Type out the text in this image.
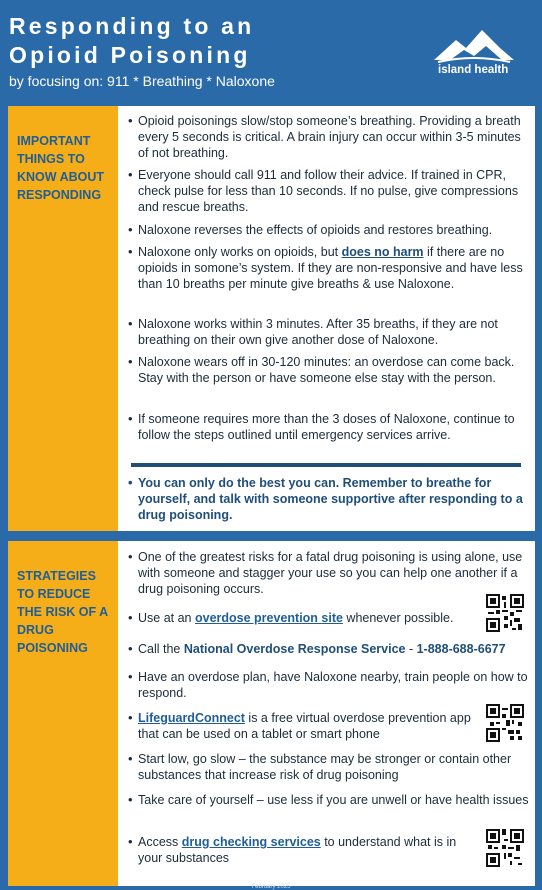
Responding to an
Opioid Poisoning
by focusing on: 911 * Breathing * Naloxone
island health
IMPORTANT THINGS TO KNOW ABOUT RESPONDING
• Opioid poisonings slow/stop someone’s breathing. Providing a breath every 5 seconds is critical. A brain injury can occur within 3-5 minutes of not breathing.
• Everyone should call 911 and follow their advice. If trained in CPR, check pulse for less than 10 seconds. If no pulse, give compressions and rescue breaths.
• Naloxone reverses the effects of opioids and restores breathing.
• Naloxone only works on opioids, but does no harm if there are no opioids in somone’s system. If they are non-responsive and have less than 10 breaths per minute give breaths & use Naloxone.
• Naloxone works within 3 minutes. After 35 breaths, if they are not breathing on their own give another dose of Naloxone.
• Naloxone wears off in 30-120 minutes: an overdose can come back. Stay with the person or have someone else stay with the person.
• If someone requires more than the 3 doses of Naloxone, continue to follow the steps outlined until emergency services arrive.
• You can only do the best you can. Remember to breathe for yourself, and talk with someone supportive after responding to a drug poisoning.
STRATEGIES TO REDUCE THE RISK OF A DRUG POISONING
• One of the greatest risks for a fatal drug poisoning is using alone, use with someone and stagger your use so you can help one another if a drug poisoning occurs.
• Use at an overdose prevention site whenever possible.
• Call the National Overdose Response Service - 1-888-688-6677
• Have an overdose plan, have Naloxone nearby, train people on how to respond.
• LifeguardConnect is a free virtual overdose prevention app that can be used on a tablet or smart phone
• Start low, go slow – the substance may be stronger or contain other substances that increase risk of drug poisoning
• Take care of yourself – use less if you are unwell or have health issues
• Access drug checking services to understand what is in your substances
February 2025
